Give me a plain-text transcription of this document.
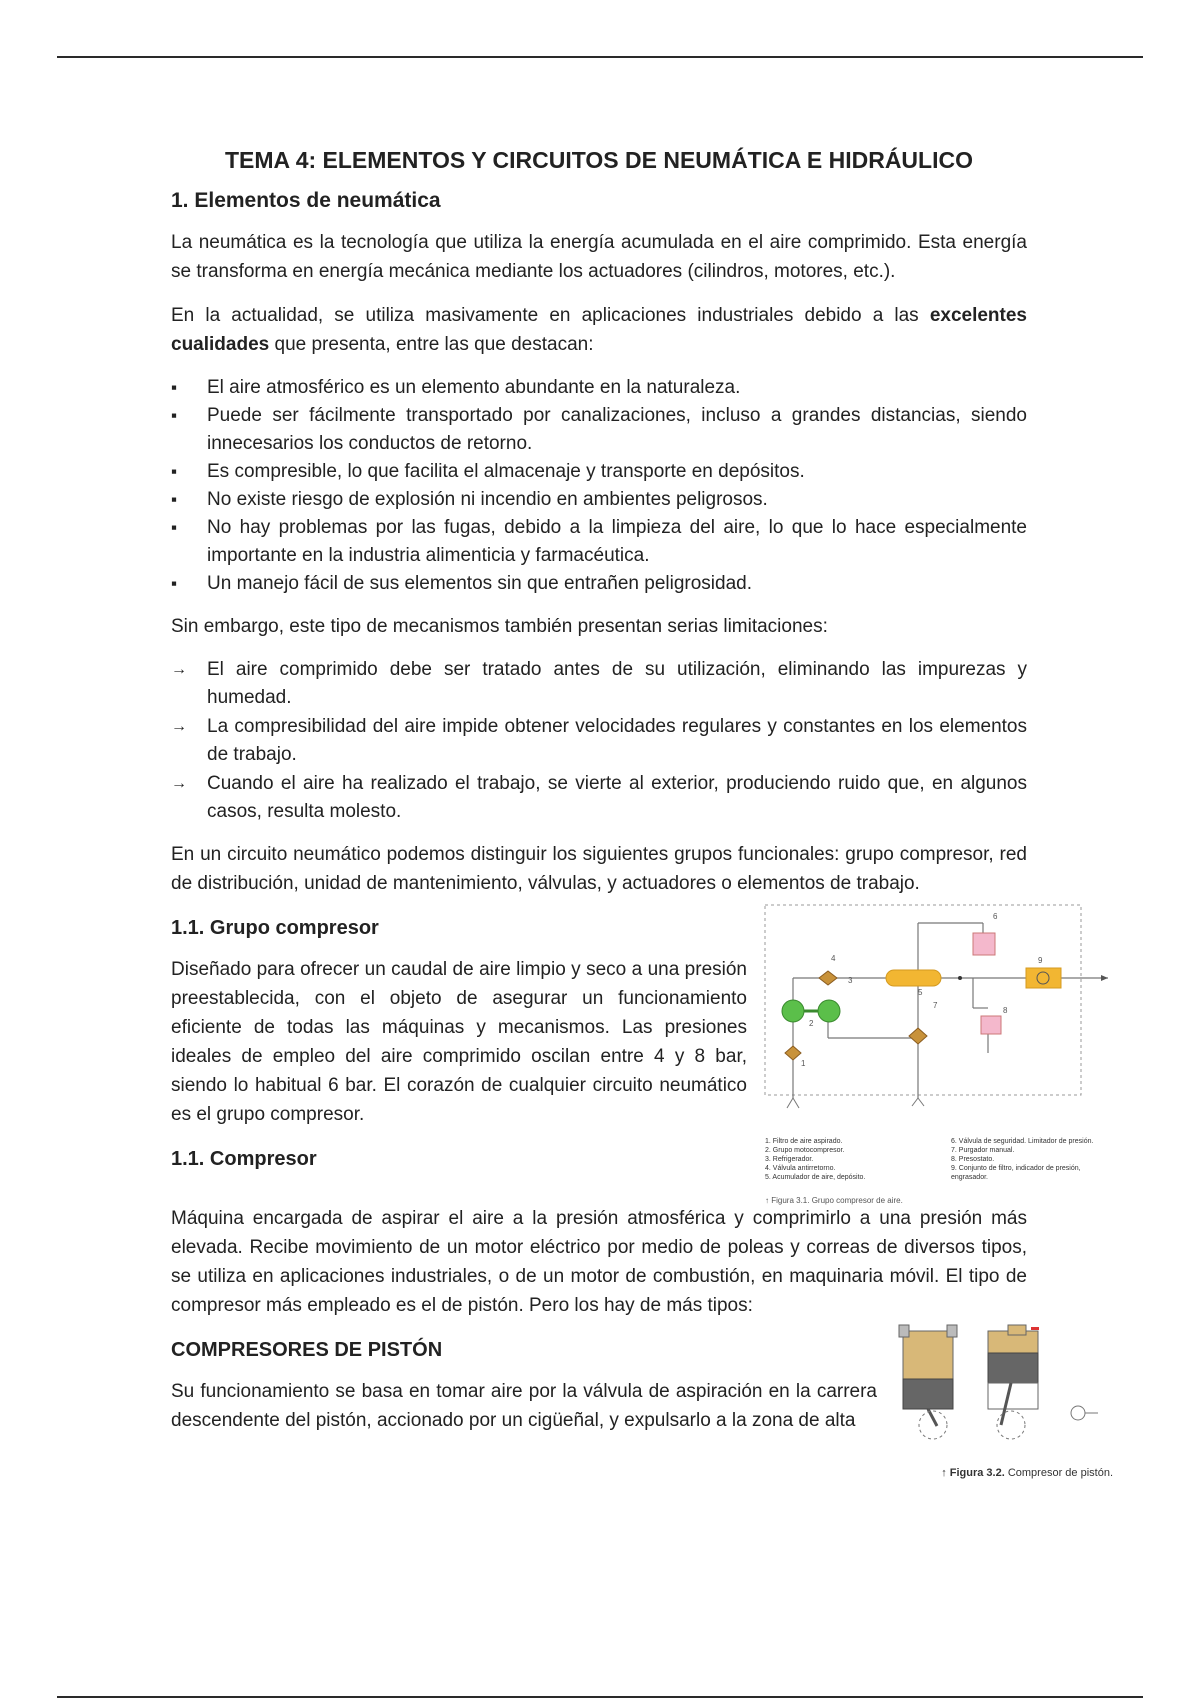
TEMA 4: ELEMENTOS Y CIRCUITOS DE NEUMÁTICA E HIDRÁULICO
1. Elementos de neumática

La neumática es la tecnología que utiliza la energía acumulada en el aire comprimido. Esta energía se transforma en energía mecánica mediante los actuadores (cilindros, motores, etc.).

En la actualidad, se utiliza masivamente en aplicaciones industriales debido a las excelentes cualidades que presenta, entre las que destacan:

▪ El aire atmosférico es un elemento abundante en la naturaleza.
▪ Puede ser fácilmente transportado por canalizaciones, incluso a grandes distancias, siendo innecesarios los conductos de retorno.
▪ Es compresible, lo que facilita el almacenaje y transporte en depósitos.
▪ No existe riesgo de explosión ni incendio en ambientes peligrosos.
▪ No hay problemas por las fugas, debido a la limpieza del aire, lo que lo hace especialmente importante en la industria alimenticia y farmacéutica.
▪ Un manejo fácil de sus elementos sin que entrañen peligrosidad.

Sin embargo, este tipo de mecanismos también presentan serias limitaciones:

→ El aire comprimido debe ser tratado antes de su utilización, eliminando las impurezas y humedad.
→ La compresibilidad del aire impide obtener velocidades regulares y constantes en los elementos de trabajo.
→ Cuando el aire ha realizado el trabajo, se vierte al exterior, produciendo ruido que, en algunos casos, resulta molesto.

En un circuito neumático podemos distinguir los siguientes grupos funcionales: grupo compresor, red de distribución, unidad de mantenimiento, válvulas, y actuadores o elementos de trabajo.

6
4
5
9
2
1
7
8
3
1. Filtro de aire aspirado.
2. Grupo motocompresor.
3. Refrigerador.
4. Válvula antirretorno.
5. Acumulador de aire, depósito.
6. Válvula de seguridad. Limitador de presión.
7. Purgador manual.
8. Presostato.
9. Conjunto de filtro, indicador de presión, engrasador.
↑ Figura 3.1. Grupo compresor de aire.
1.1. Grupo compresor

Diseñado para ofrecer un caudal de aire limpio y seco a una presión preestablecida, con el objeto de asegurar un funcionamiento eficiente de todas las máquinas y mecanismos. Las presiones ideales de empleo del aire comprimido oscilan entre 4 y 8 bar, siendo lo habitual 6 bar. El corazón de cualquier circuito neumático es el grupo compresor.

1.1. Compresor

Máquina encargada de aspirar el aire a la presión atmosférica y comprimirlo a una presión más elevada. Recibe movimiento de un motor eléctrico por medio de poleas y correas de diversos tipos, se utiliza en aplicaciones industriales, o de un motor de combustión, en maquinaria móvil. El tipo de compresor más empleado es el de pistón. Pero los hay de más tipos:

↑ Figura 3.2. Compresor de pistón.
COMPRESORES DE PISTÓN

Su funcionamiento se basa en tomar aire por la válvula de aspiración en la carrera descendente del pistón, accionado por un cigüeñal, y expulsarlo a la zona de alta
